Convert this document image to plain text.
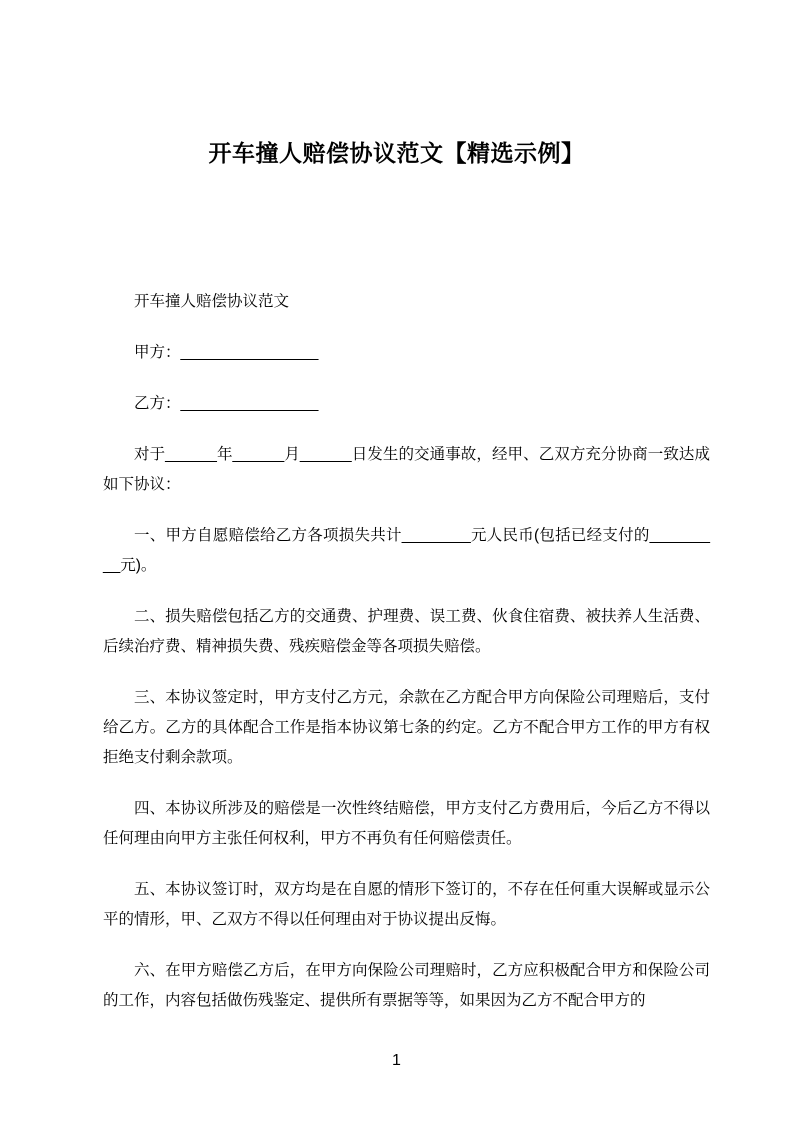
开车撞人赔偿协议范文【精选示例】

开车撞人赔偿协议范文

甲方：________________

乙方：________________

对于______年______月______日发生的交通事故，经甲、乙双方充分协商一致达成如下协议：

一、甲方自愿赔偿给乙方各项损失共计________元人民币(包括已经支付的_________元)。

二、损失赔偿包括乙方的交通费、护理费、误工费、伙食住宿费、被扶养人生活费、后续治疗费、精神损失费、残疾赔偿金等各项损失赔偿。

三、本协议签定时，甲方支付乙方元，余款在乙方配合甲方向保险公司理赔后，支付给乙方。乙方的具体配合工作是指本协议第七条的约定。乙方不配合甲方工作的甲方有权拒绝支付剩余款项。

四、本协议所涉及的赔偿是一次性终结赔偿，甲方支付乙方费用后，今后乙方不得以任何理由向甲方主张任何权利，甲方不再负有任何赔偿责任。

五、本协议签订时，双方均是在自愿的情形下签订的，不存在任何重大误解或显示公平的情形，甲、乙双方不得以任何理由对于协议提出反悔。

六、在甲方赔偿乙方后，在甲方向保险公司理赔时，乙方应积极配合甲方和保险公司的工作，内容包括做伤残鉴定、提供所有票据等等，如果因为乙方不配合甲方的

1
